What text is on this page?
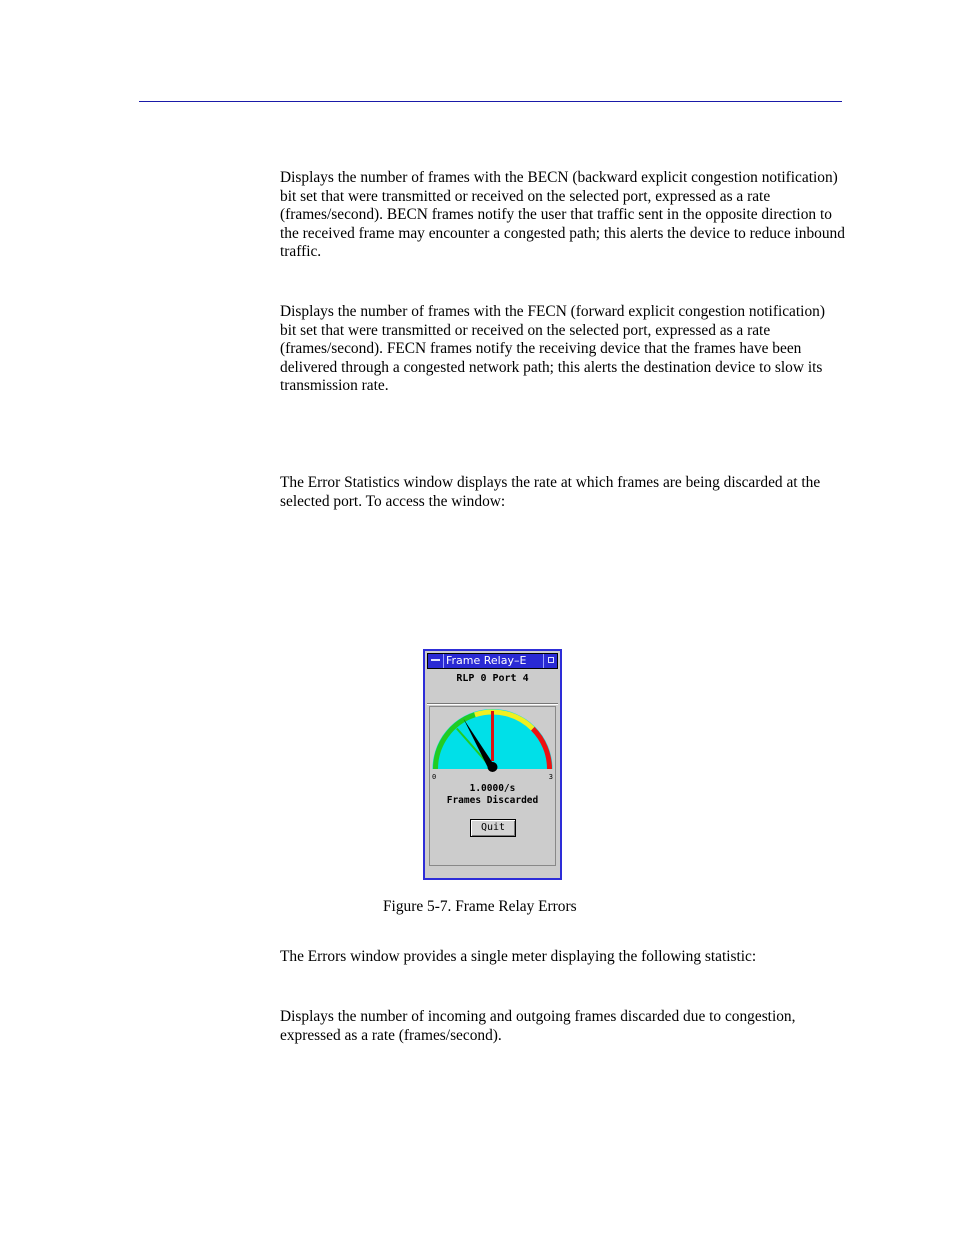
Displays the number of frames with the BECN (backward explicit congestion notification) bit set that were transmitted or received on the selected port, expressed as a rate (frames/second). BECN frames notify the user that traffic sent in the opposite direction to the received frame may encounter a congested path; this alerts the device to reduce inbound traffic.

Displays the number of frames with the FECN (forward explicit congestion notification) bit set that were transmitted or received on the selected port, expressed as a rate (frames/second). FECN frames notify the receiving device that the frames have been delivered through a congested network path; this alerts the destination device to slow its transmission rate.

The Error Statistics window displays the rate at which frames are being discarded at the selected port. To access the window:

Frame Relay–E
RLP 0 Port 4
0	3
1.0000/s
Frames Discarded
Quit
Figure 5-7. Frame Relay Errors

The Errors window provides a single meter displaying the following statistic:

Displays the number of incoming and outgoing frames discarded due to congestion, expressed as a rate (frames/second).
